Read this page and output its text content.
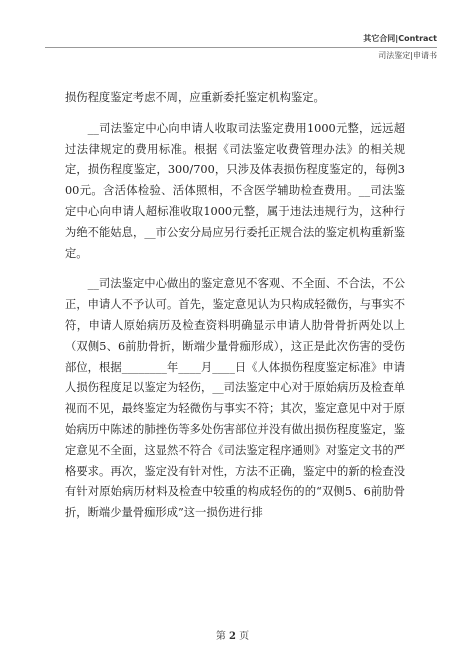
其它合同|Contract
司法鉴定|申请书

损伤程度鉴定考虑不周，应重新委托鉴定机构鉴定。

__司法鉴定中心向申请人收取司法鉴定费用1000元整，远远超过法律规定的费用标准。根据《司法鉴定收费管理办法》的相关规定，损伤程度鉴定，300/700，只涉及体表损伤程度鉴定的，每例300元。含活体检验、活体照相，不含医学辅助检查费用。__司法鉴定中心向申请人超标准收取1000元整，属于违法违规行为，这种行为绝不能姑息，__市公安分局应另行委托正规合法的鉴定机构重新鉴定。

__司法鉴定中心做出的鉴定意见不客观、不全面、不合法，不公正，申请人不予认可。首先，鉴定意见认为只构成轻微伤，与事实不符，申请人原始病历及检查资料明确显示申请人肋骨骨折两处以上（双侧5、6前肋骨折，断端少量骨痂形成），这正是此次伤害的受伤部位，根据________年____月____日《人体损伤程度鉴定标准》申请人损伤程度足以鉴定为轻伤，__司法鉴定中心对于原始病历及检查单视而不见，最终鉴定为轻微伤与事实不符；其次，鉴定意见中对于原始病历中陈述的肺挫伤等多处伤害部位并没有做出损伤程度鉴定，鉴定意见不全面，这显然不符合《司法鉴定程序通则》对鉴定文书的严格要求。再次，鉴定没有针对性，方法不正确，鉴定中的新的检查没有针对原始病历材料及检查中较重的构成轻伤的的“双侧5、6前肋骨折，断端少量骨痂形成”这一损伤进行排

第 2 页
